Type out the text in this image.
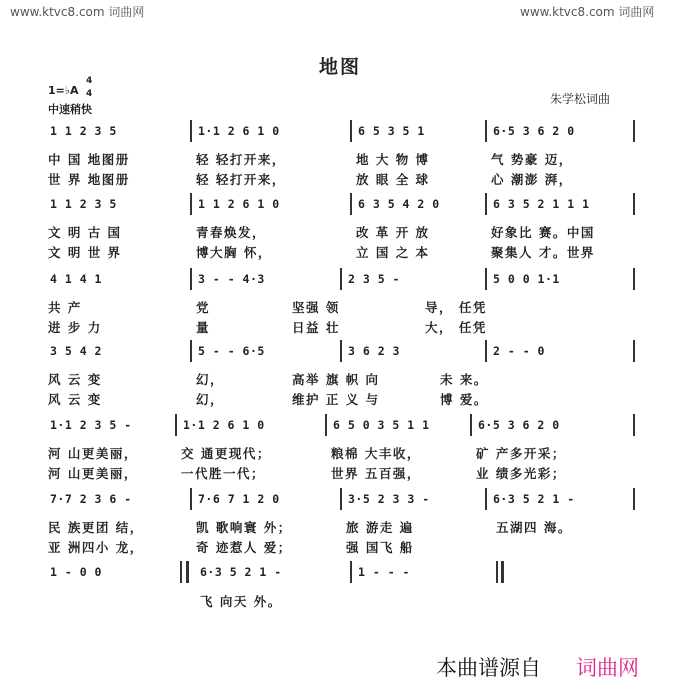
www.ktvc8.com 词曲网	www.ktvc8.com 词曲网
地图
1=♭A
4
4
中速稍快
朱学松词曲
1 1 2 3 5	1·1 2 6 1 0	6 5 3 5 1	6·5 3 6 2 0
中 国 地图册	轻 轻打开来，	地 大 物 博	气 势豪 迈，
世 界 地图册	轻 轻打开来，	放 眼 全 球	心 潮澎 湃，
1 1 2 3 5	1 1 2 6 1 0	6 3 5 4 2 0	6 3 5 2 1 1 1
文 明 古 国	青春焕发，	改 革 开 放	好象比 赛。中国
文 明 世 界	博大胸 怀，	立 国 之 本	聚集人 才。世界
4 1 4 1	3 - - 4·3	2 3 5 -	5 0 0 1·1
共 产	党	坚强 领	导， 任凭
进 步 力	量	日益 壮	大， 任凭
3 5 4 2	5 - - 6·5	3 6 2 3	2 - - 0
风 云 变	幻，	高举 旗 帜 向	未 来。
风 云 变	幻，	维护 正 义 与	博 爱。
1·1 2 3 5 -	1·1 2 6 1 0	6 5 0 3 5 1 1	6·5 3 6 2 0
河 山更美丽，	交 通更现代；	粮棉 大丰收，	矿 产多开采；
河 山更美丽，	一代胜一代；	世界 五百强，	业 绩多光彩；
7·7 2 3 6 -	7·6 7 1 2 0	3·5 2 3 3 -	6·3 5 2 1 -
民 族更团 结，	凯 歌响寰 外；	旅 游走 遍	五湖四 海。
亚 洲四小 龙，	奇 迹惹人 爱；	强 国飞 船
1 - 0 0	6·3 5 2 1 -	1 - - -
飞 向天 外。
本曲谱源自 词曲网
